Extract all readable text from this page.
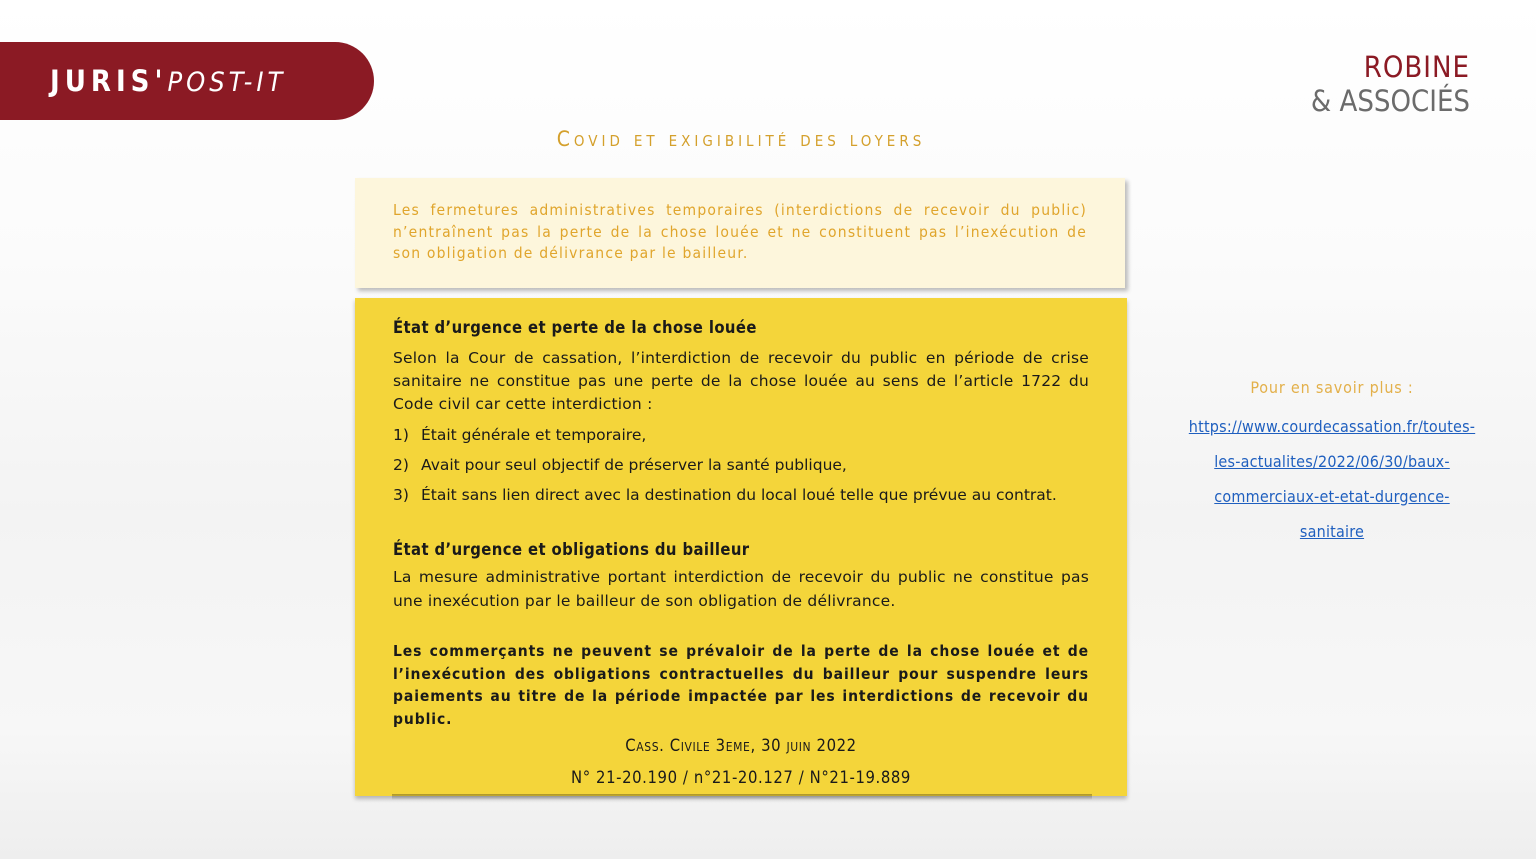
JURIS'POST-IT	ROBINE
& ASSOCIÉS
Covid et exigibilité des loyers

Les fermetures administratives temporaires (interdictions de recevoir du public) n’entraînent pas la perte de la chose louée et ne constituent pas l’inexécution de son obligation de délivrance par le bailleur.

État d’urgence et perte de la chose louée

Selon la Cour de cassation, l’interdiction de recevoir du public en période de crise sanitaire ne constitue pas une perte de la chose louée au sens de l’article 1722 du Code civil car cette interdiction :

1) Était générale et temporaire,
2) Avait pour seul objectif de préserver la santé publique,
3) Était sans lien direct avec la destination du local loué telle que prévue au contrat.

État d’urgence et obligations du bailleur

La mesure administrative portant interdiction de recevoir du public ne constitue pas une inexécution par le bailleur de son obligation de délivrance.

Les commerçants ne peuvent se prévaloir de la perte de la chose louée et de l’inexécution des obligations contractuelles du bailleur pour suspendre leurs paiements au titre de la période impactée par les interdictions de recevoir du public.

Cass. Civile 3eme, 30 juin 2022

N° 21-20.190 / n°21-20.127 / N°21-19.889

Pour en savoir plus :

https://www.courdecassation.fr/toutes-
les-actualites/2022/06/30/baux-
commerciaux-et-etat-durgence-
sanitaire
